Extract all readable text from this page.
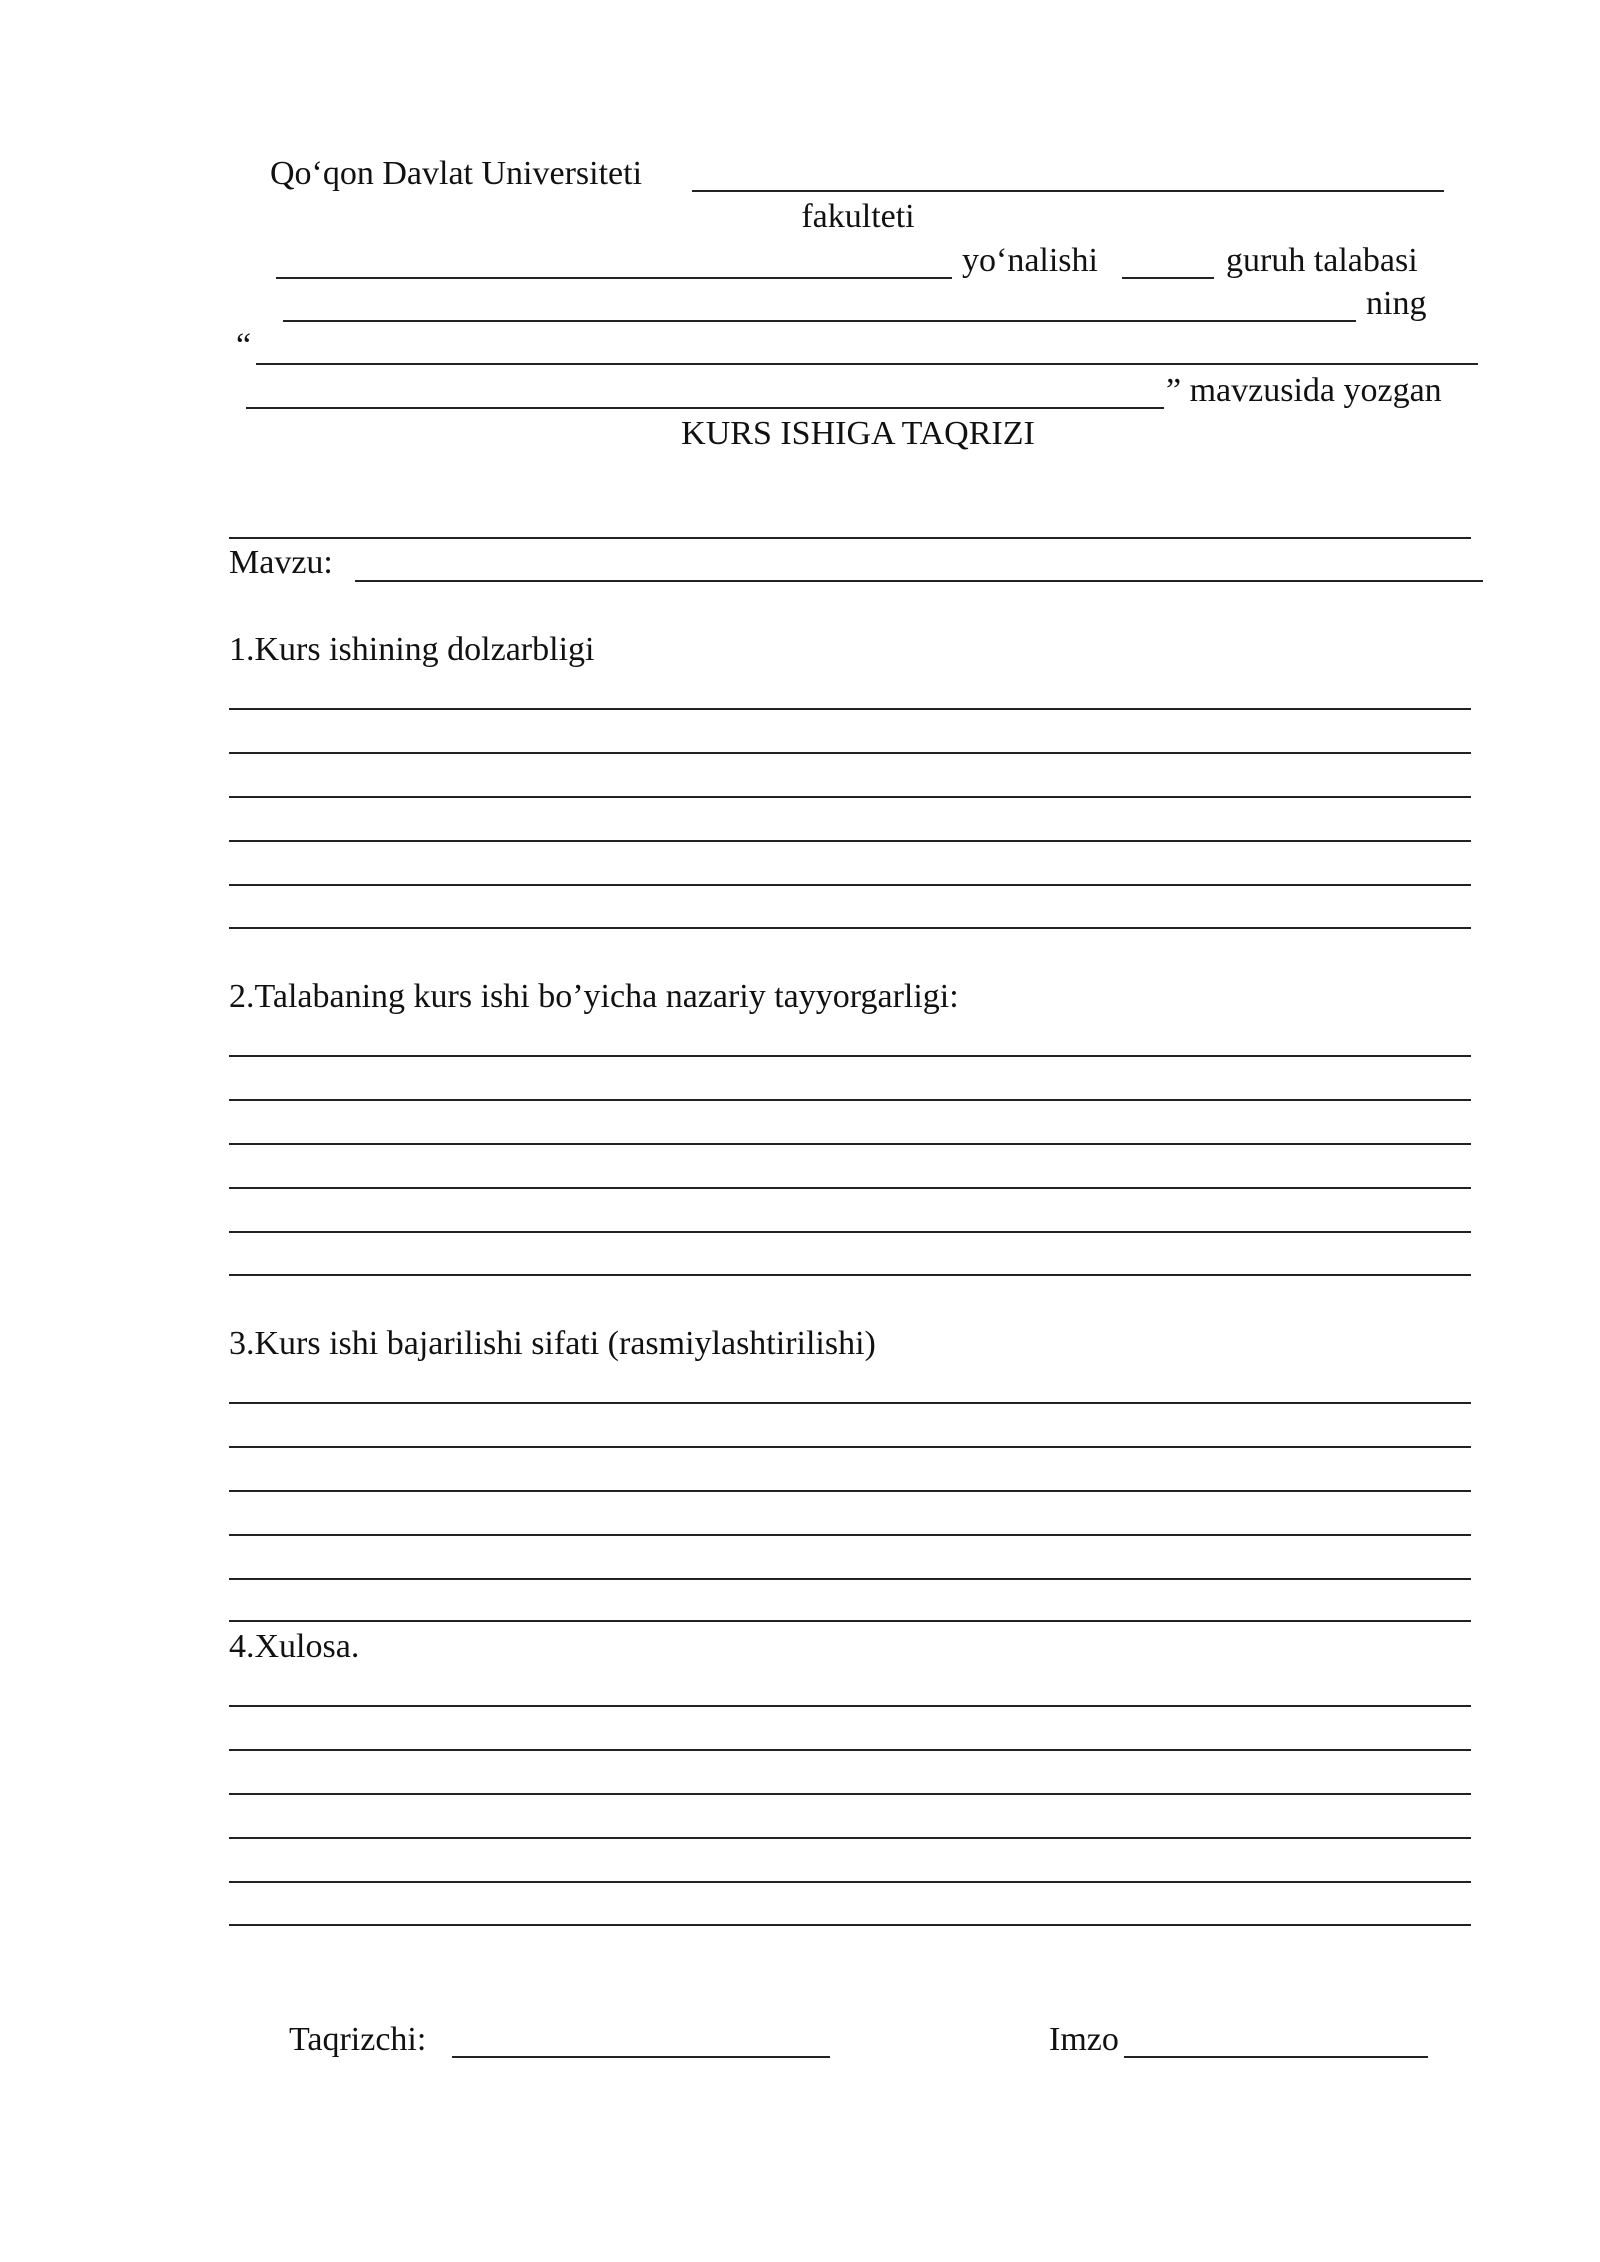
Qo‘qon Davlat Universiteti
fakulteti
yo‘nalishi	guruh talabasi
ning
“
” mavzusida yozgan
KURS ISHIGA TAQRIZI
Mavzu:
1.Kurs ishining dolzarbligi
2.Talabaning kurs ishi bo’yicha nazariy tayyorgarligi:
3.Kurs ishi bajarilishi sifati (rasmiylashtirilishi)
4.Xulosa.
Taqrizchi:	Imzo
